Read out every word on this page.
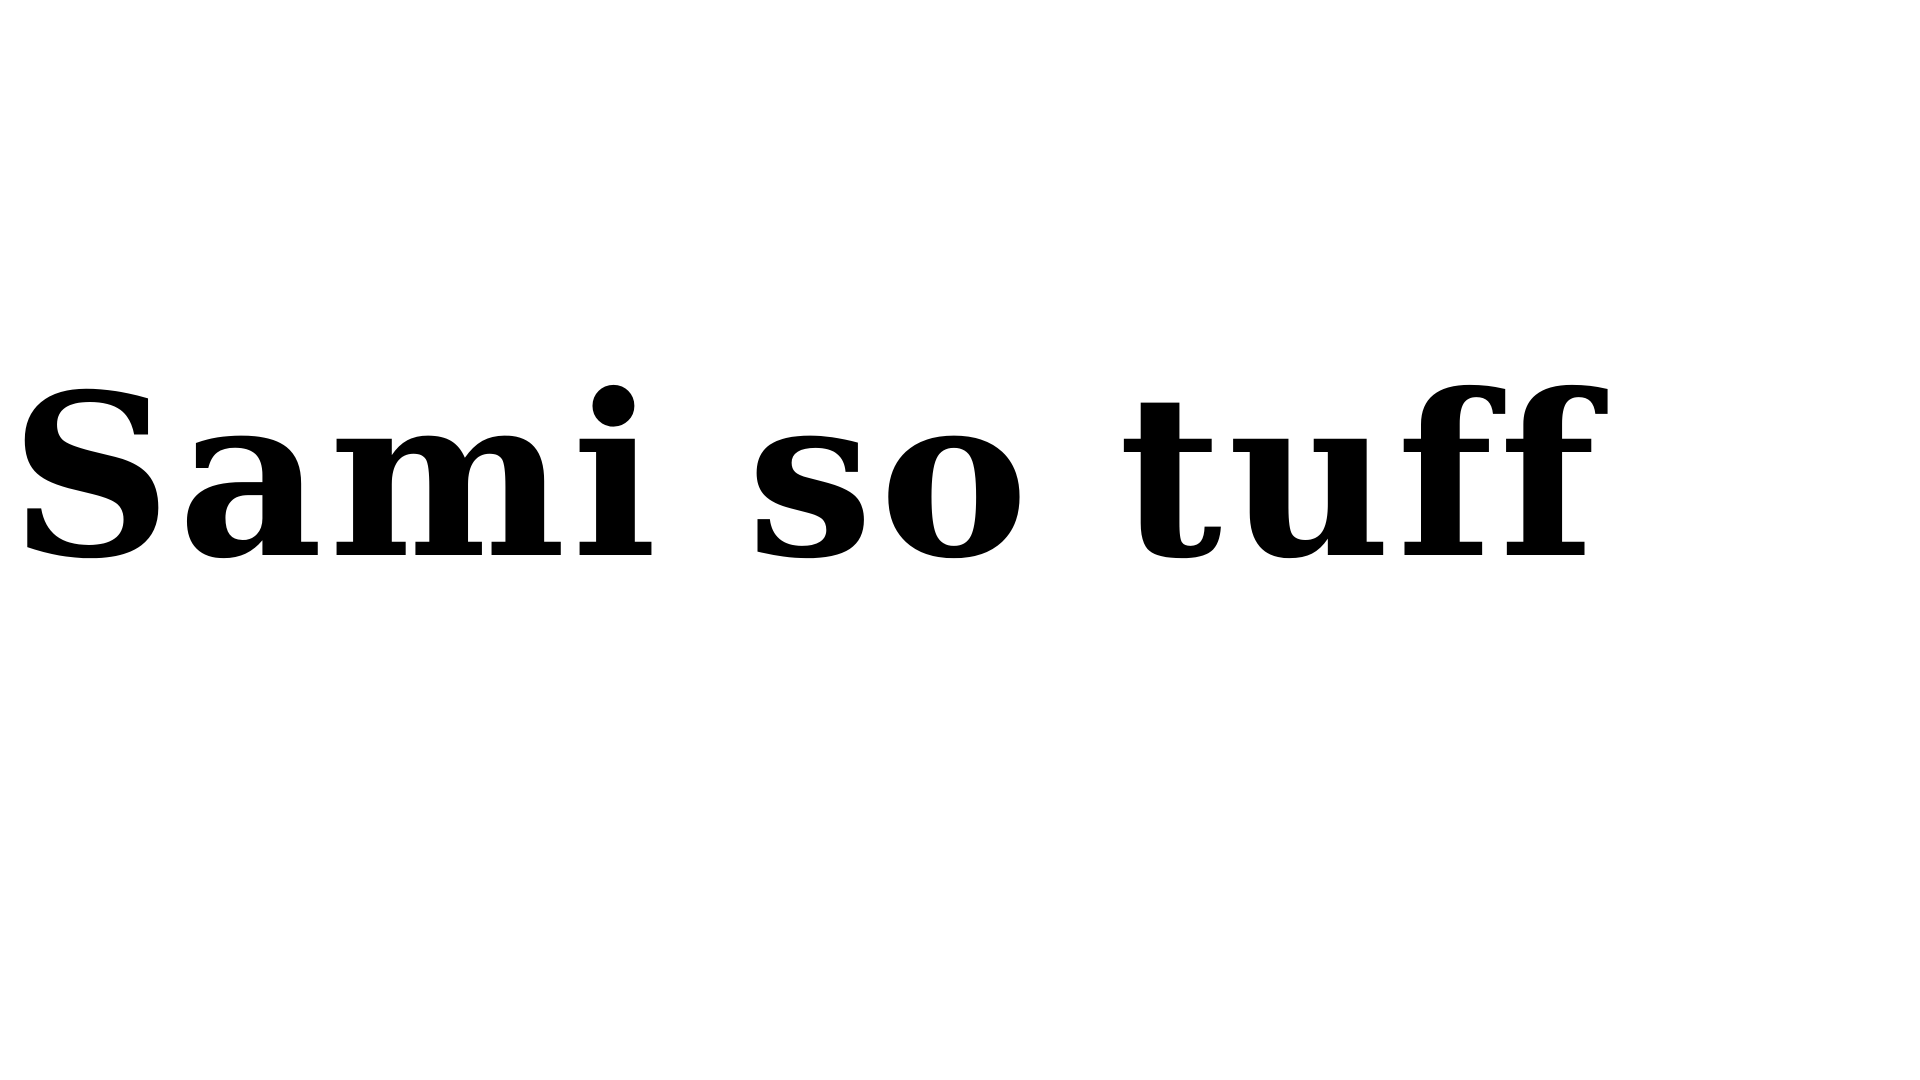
Sami so tuff
